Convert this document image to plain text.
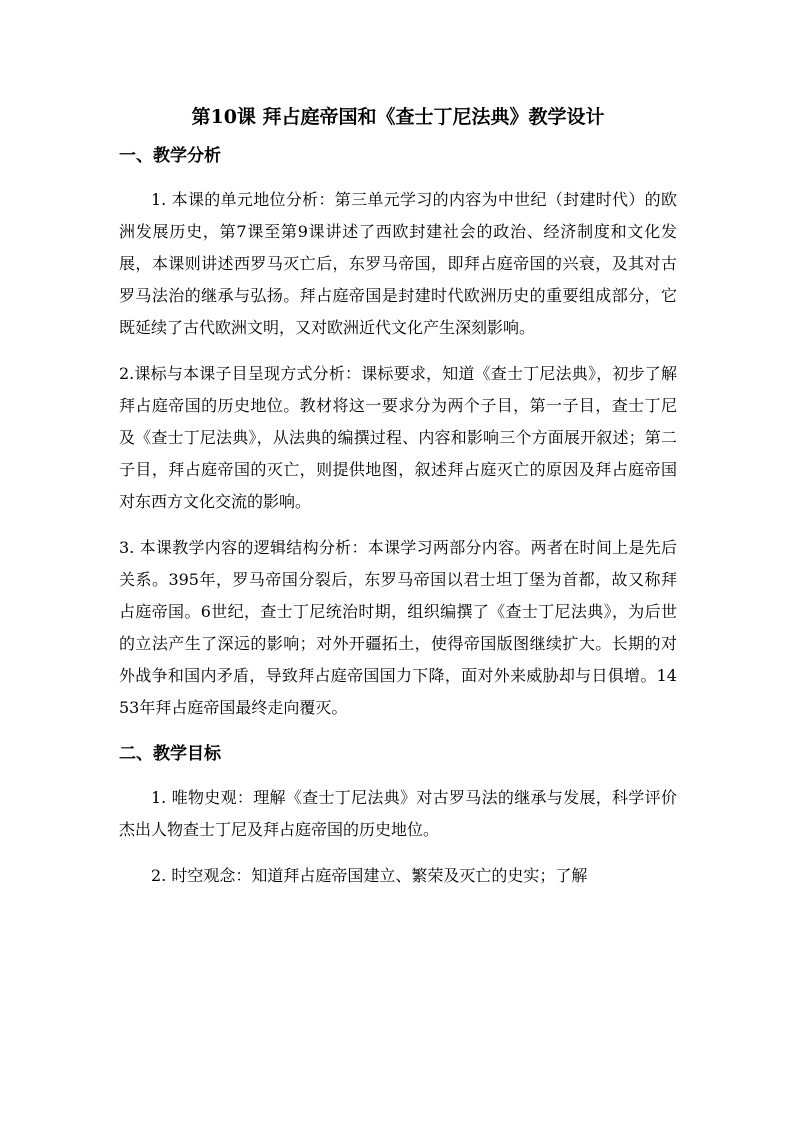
第10课 拜占庭帝国和《查士丁尼法典》教学设计
一、教学分析
1. 本课的单元地位分析：第三单元学习的内容为中世纪（封建时代）的欧洲发展历史，第7课至第9课讲述了西欧封建社会的政治、经济制度和文化发展，本课则讲述西罗马灭亡后，东罗马帝国，即拜占庭帝国的兴衰，及其对古罗马法治的继承与弘扬。拜占庭帝国是封建时代欧洲历史的重要组成部分，它既延续了古代欧洲文明，又对欧洲近代文化产生深刻影响。
2.课标与本课子目呈现方式分析：课标要求，知道《查士丁尼法典》，初步了解拜占庭帝国的历史地位。教材将这一要求分为两个子目，第一子目，查士丁尼及《查士丁尼法典》，从法典的编撰过程、内容和影响三个方面展开叙述；第二子目，拜占庭帝国的灭亡，则提供地图，叙述拜占庭灭亡的原因及拜占庭帝国对东西方文化交流的影响。
3. 本课教学内容的逻辑结构分析：本课学习两部分内容。两者在时间上是先后关系。395年，罗马帝国分裂后，东罗马帝国以君士坦丁堡为首都，故又称拜占庭帝国。6世纪，查士丁尼统治时期，组织编撰了《查士丁尼法典》，为后世的立法产生了深远的影响；对外开疆拓土，使得帝国版图继续扩大。长期的对外战争和国内矛盾，导致拜占庭帝国国力下降，面对外来威胁却与日俱增。1453年拜占庭帝国最终走向覆灭。
二、教学目标
1. 唯物史观：理解《查士丁尼法典》对古罗马法的继承与发展，科学评价杰出人物查士丁尼及拜占庭帝国的历史地位。
2. 时空观念：知道拜占庭帝国建立、繁荣及灭亡的史实；了解
